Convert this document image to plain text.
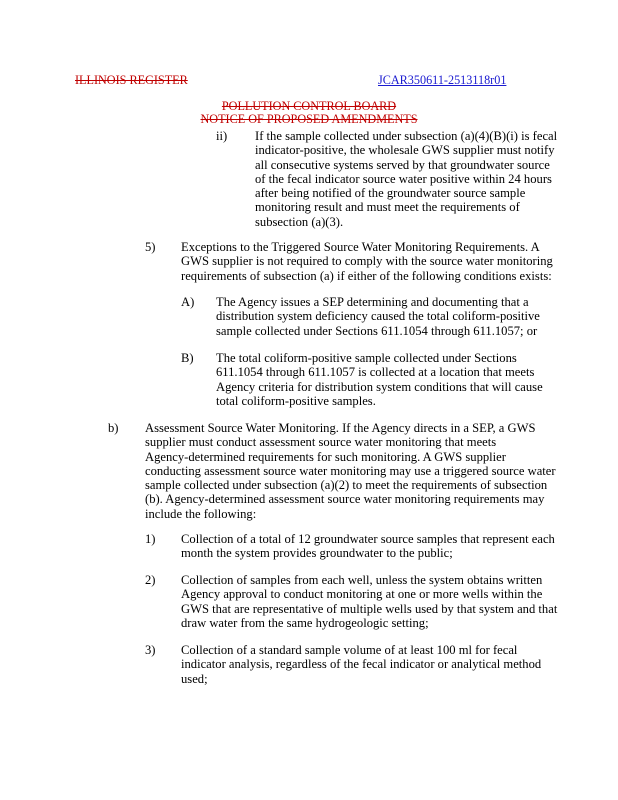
ILLINOIS REGISTER	JCAR350611-2513118r01
POLLUTION CONTROL BOARD
NOTICE OF PROPOSED AMENDMENTS
ii) If the sample collected under subsection (a)(4)(B)(i) is fecal

indicator-positive, the wholesale GWS supplier must notify

all consecutive systems served by that groundwater source

of the fecal indicator source water positive within 24 hours

after being notified of the groundwater source sample

monitoring result and must meet the requirements of

subsection (a)(3).

5) Exceptions to the Triggered Source Water Monitoring Requirements. A

GWS supplier is not required to comply with the source water monitoring

requirements of subsection (a) if either of the following conditions exists:

A) The Agency issues a SEP determining and documenting that a

distribution system deficiency caused the total coliform-positive

sample collected under Sections 611.1054 through 611.1057; or

B) The total coliform-positive sample collected under Sections

611.1054 through 611.1057 is collected at a location that meets

Agency criteria for distribution system conditions that will cause

total coliform-positive samples.

b) Assessment Source Water Monitoring. If the Agency directs in a SEP, a GWS

supplier must conduct assessment source water monitoring that meets

Agency-determined requirements for such monitoring. A GWS supplier

conducting assessment source water monitoring may use a triggered source water

sample collected under subsection (a)(2) to meet the requirements of subsection

(b). Agency-determined assessment source water monitoring requirements may

include the following:

1) Collection of a total of 12 groundwater source samples that represent each

month the system provides groundwater to the public;

2) Collection of samples from each well, unless the system obtains written

Agency approval to conduct monitoring at one or more wells within the

GWS that are representative of multiple wells used by that system and that

draw water from the same hydrogeologic setting;

3) Collection of a standard sample volume of at least 100 ml for fecal

indicator analysis, regardless of the fecal indicator or analytical method

used;
